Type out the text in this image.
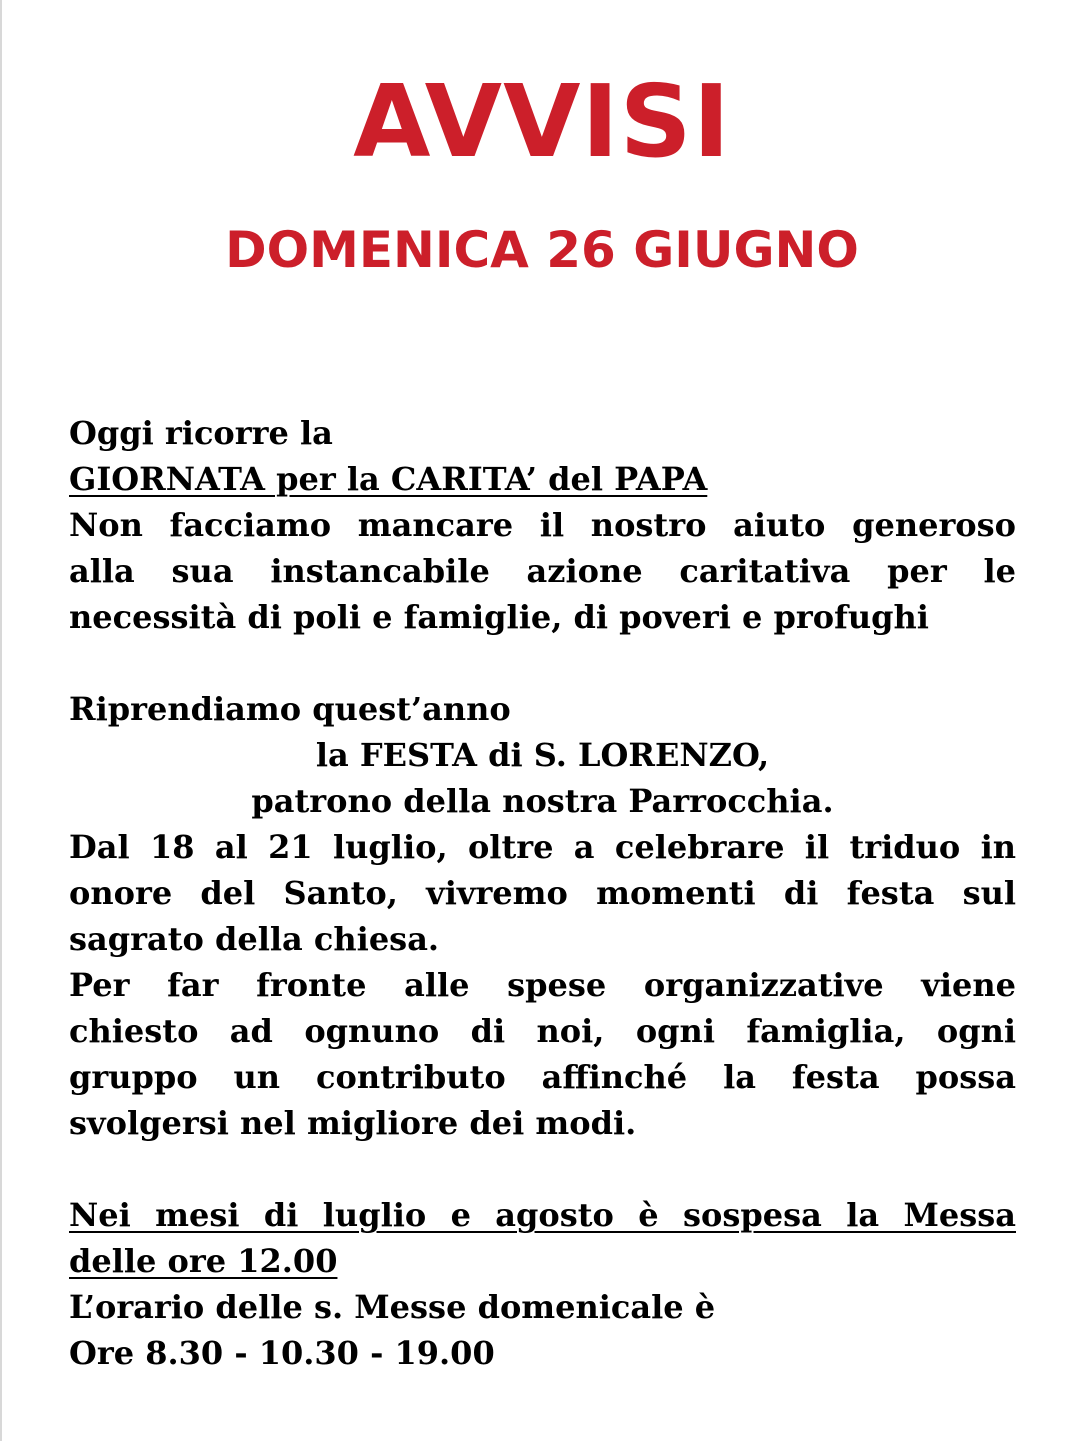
AVVISI
DOMENICA 26 GIUGNO
Oggi ricorre la
GIORNATA per la CARITA’ del PAPA
Non facciamo mancare il nostro aiuto generoso
alla sua instancabile azione caritativa per le
necessità di poli e famiglie, di poveri e profughi
Riprendiamo quest’anno
la FESTA di S. LORENZO,
patrono della nostra Parrocchia.
Dal 18 al 21 luglio, oltre a celebrare il triduo in
onore del Santo, vivremo momenti di festa sul
sagrato della chiesa.
Per far fronte alle spese organizzative viene
chiesto ad ognuno di noi, ogni famiglia, ogni
gruppo un contributo affinché la festa possa
svolgersi nel migliore dei modi.
Nei mesi di luglio e agosto è sospesa la Messa
delle ore 12.00
L’orario delle s. Messe domenicale è
Ore 8.30 - 10.30 - 19.00
